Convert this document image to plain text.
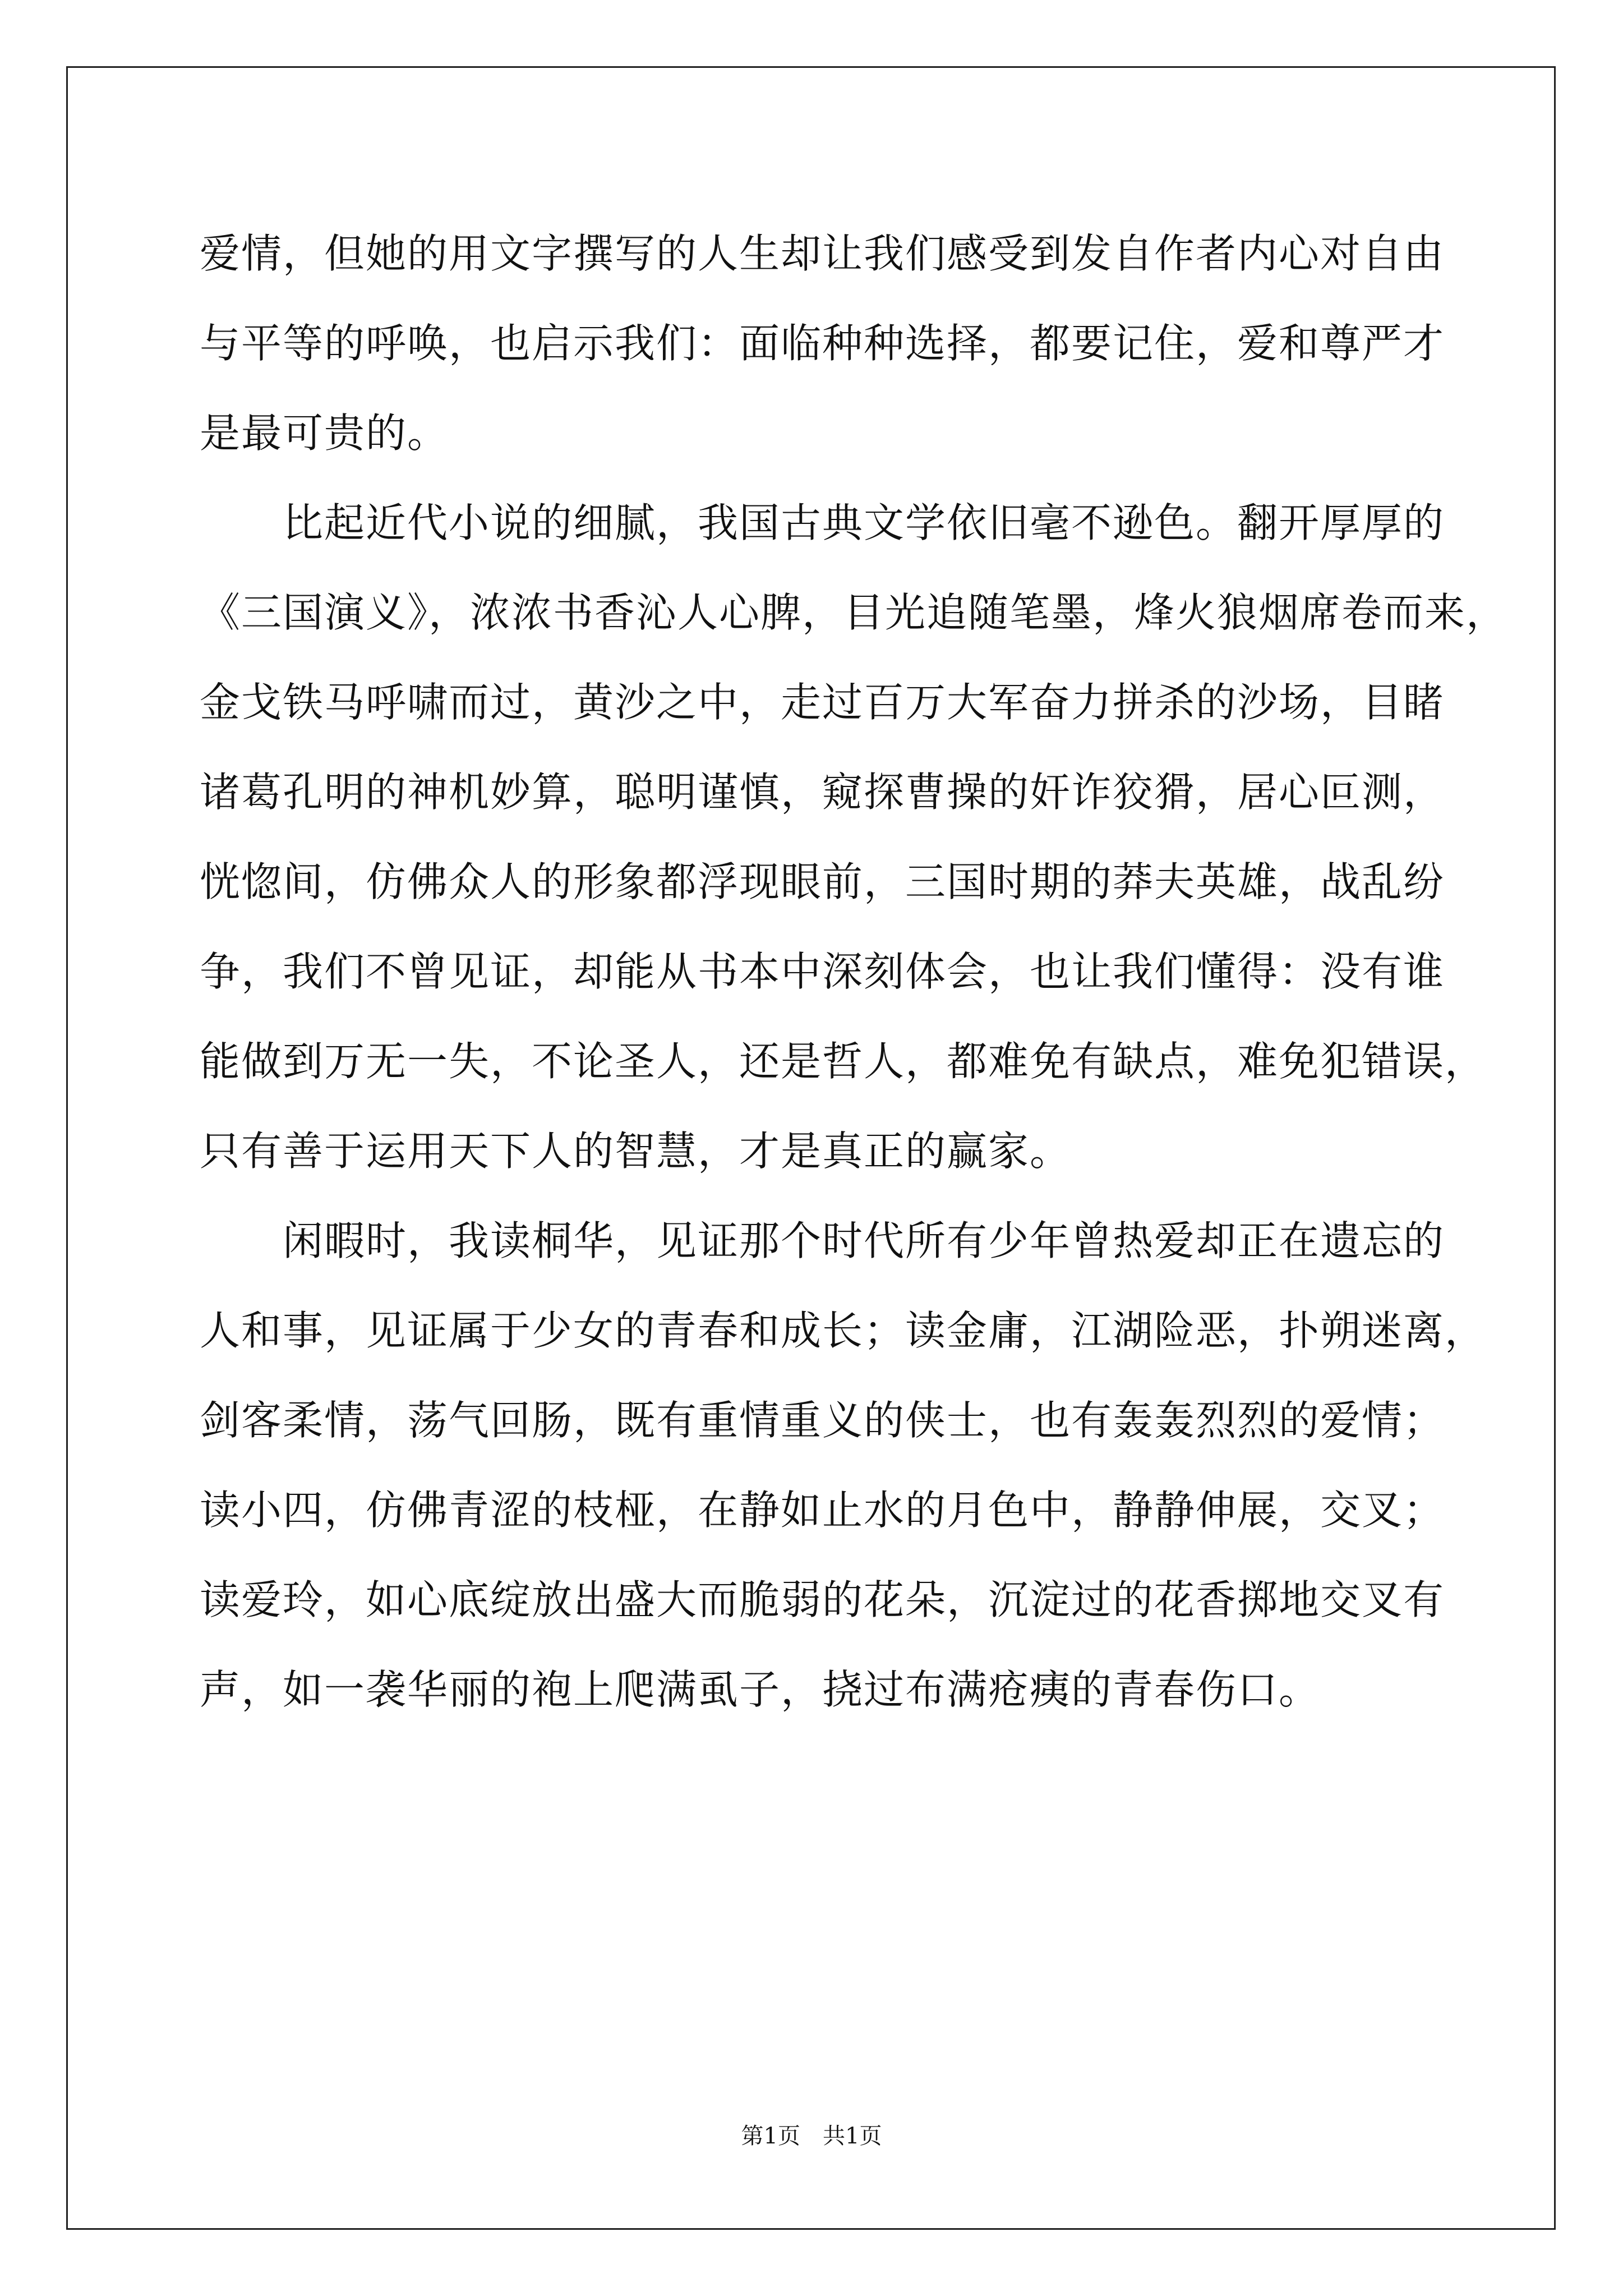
爱情，但她的用文字撰写的人生却让我们感受到发自作者内心对自由
与平等的呼唤，也启示我们：面临种种选择，都要记住，爱和尊严才
是最可贵的。
比起近代小说的细腻，我国古典文学依旧毫不逊色。翻开厚厚的
《三国演义》，浓浓书香沁人心脾，目光追随笔墨，烽火狼烟席卷而来，
金戈铁马呼啸而过，黄沙之中，走过百万大军奋力拼杀的沙场，目睹
诸葛孔明的神机妙算，聪明谨慎，窥探曹操的奸诈狡猾，居心叵测，
恍惚间，仿佛众人的形象都浮现眼前，三国时期的莽夫英雄，战乱纷
争，我们不曾见证，却能从书本中深刻体会，也让我们懂得：没有谁
能做到万无一失，不论圣人，还是哲人，都难免有缺点，难免犯错误，
只有善于运用天下人的智慧，才是真正的赢家。
闲暇时，我读桐华，见证那个时代所有少年曾热爱却正在遗忘的
人和事，见证属于少女的青春和成长；读金庸，江湖险恶，扑朔迷离，
剑客柔情，荡气回肠，既有重情重义的侠士，也有轰轰烈烈的爱情；
读小四，仿佛青涩的枝桠，在静如止水的月色中，静静伸展，交叉；
读爱玲，如心底绽放出盛大而脆弱的花朵，沉淀过的花香掷地交叉有
声，如一袭华丽的袍上爬满虱子，挠过布满疮痍的青春伤口。
第1页 共1页
